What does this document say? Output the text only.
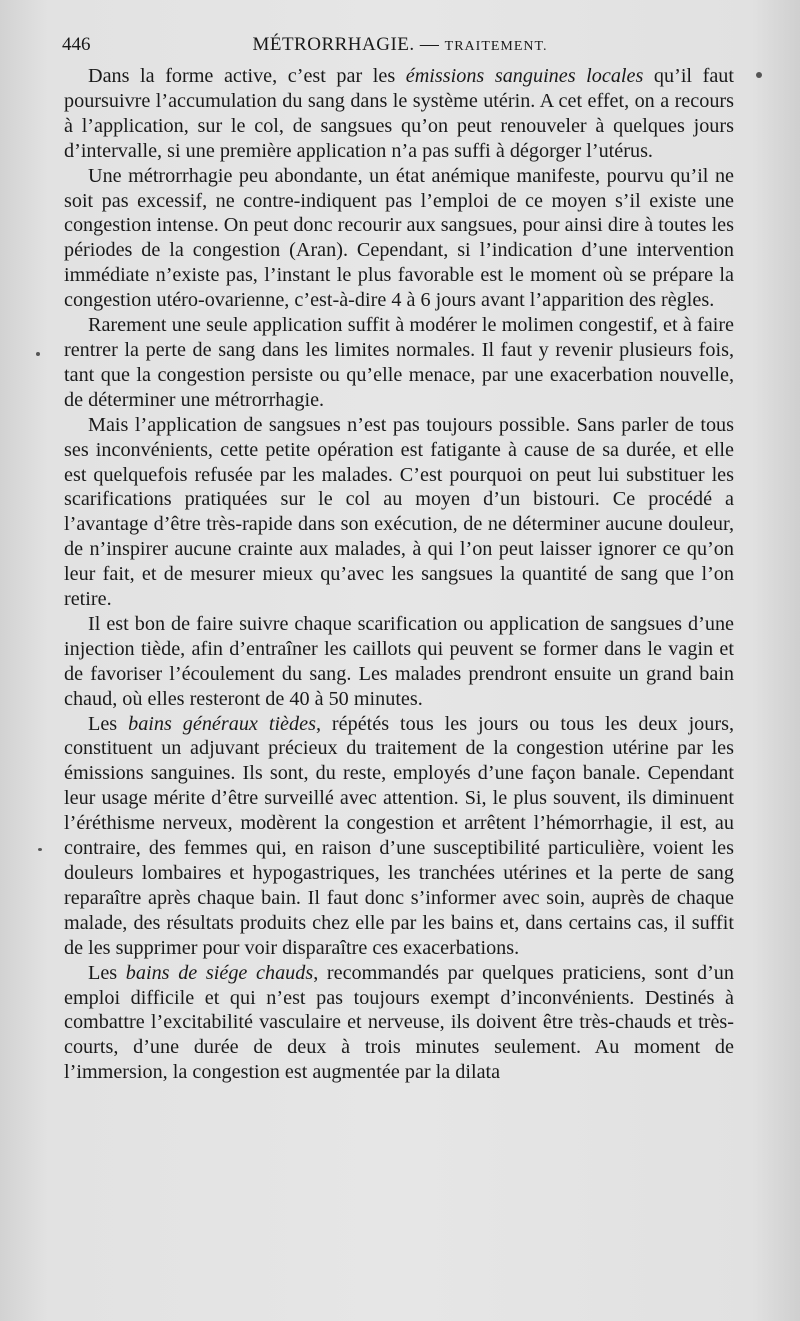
446	MÉTRORRHAGIE. — TRAITEMENT.

Dans la forme active, c’est par les émissions sanguines locales qu’il faut poursuivre l’accumulation du sang dans le système utérin. A cet effet, on a recours à l’application, sur le col, de sangsues qu’on peut renouveler à quelques jours d’intervalle, si une première application n’a pas suffi à dégorger l’utérus.

Une métrorrhagie peu abondante, un état anémique manifeste, pourvu qu’il ne soit pas excessif, ne contre-indiquent pas l’emploi de ce moyen s’il existe une congestion intense. On peut donc recourir aux sangsues, pour ainsi dire à toutes les périodes de la congestion (Aran). Cependant, si l’indication d’une intervention immédiate n’existe pas, l’instant le plus favorable est le moment où se prépare la congestion utéro-ovarienne, c’est-à-dire 4 à 6 jours avant l’apparition des règles.

Rarement une seule application suffit à modérer le molimen congestif, et à faire rentrer la perte de sang dans les limites normales. Il faut y revenir plusieurs fois, tant que la congestion persiste ou qu’elle menace, par une exacerbation nouvelle, de déterminer une métrorrhagie.

Mais l’application de sangsues n’est pas toujours possible. Sans parler de tous ses inconvénients, cette petite opération est fatigante à cause de sa durée, et elle est quelquefois refusée par les malades. C’est pourquoi on peut lui substituer les scarifications pratiquées sur le col au moyen d’un bistouri. Ce procédé a l’avantage d’être très-rapide dans son exécution, de ne déterminer aucune douleur, de n’inspirer aucune crainte aux malades, à qui l’on peut laisser ignorer ce qu’on leur fait, et de mesurer mieux qu’avec les sangsues la quantité de sang que l’on retire.

Il est bon de faire suivre chaque scarification ou application de sangsues d’une injection tiède, afin d’entraîner les caillots qui peuvent se former dans le vagin et de favoriser l’écoulement du sang. Les malades prendront ensuite un grand bain chaud, où elles resteront de 40 à 50 minutes.

Les bains généraux tièdes, répétés tous les jours ou tous les deux jours, constituent un adjuvant précieux du traitement de la congestion utérine par les émissions sanguines. Ils sont, du reste, employés d’une façon banale. Cependant leur usage mérite d’être surveillé avec attention. Si, le plus souvent, ils diminuent l’éréthisme nerveux, modèrent la congestion et arrêtent l’hémorrhagie, il est, au contraire, des femmes qui, en raison d’une susceptibilité particulière, voient les douleurs lombaires et hypogastriques, les tranchées utérines et la perte de sang reparaître après chaque bain. Il faut donc s’informer avec soin, auprès de chaque malade, des résultats produits chez elle par les bains et, dans certains cas, il suffit de les supprimer pour voir disparaître ces exacerbations.

Les bains de siége chauds, recommandés par quelques praticiens, sont d’un emploi difficile et qui n’est pas toujours exempt d’inconvénients. Destinés à combattre l’excitabilité vasculaire et nerveuse, ils doivent être très-chauds et très-courts, d’une durée de deux à trois minutes seulement. Au moment de l’immersion, la congestion est augmentée par la dilata
